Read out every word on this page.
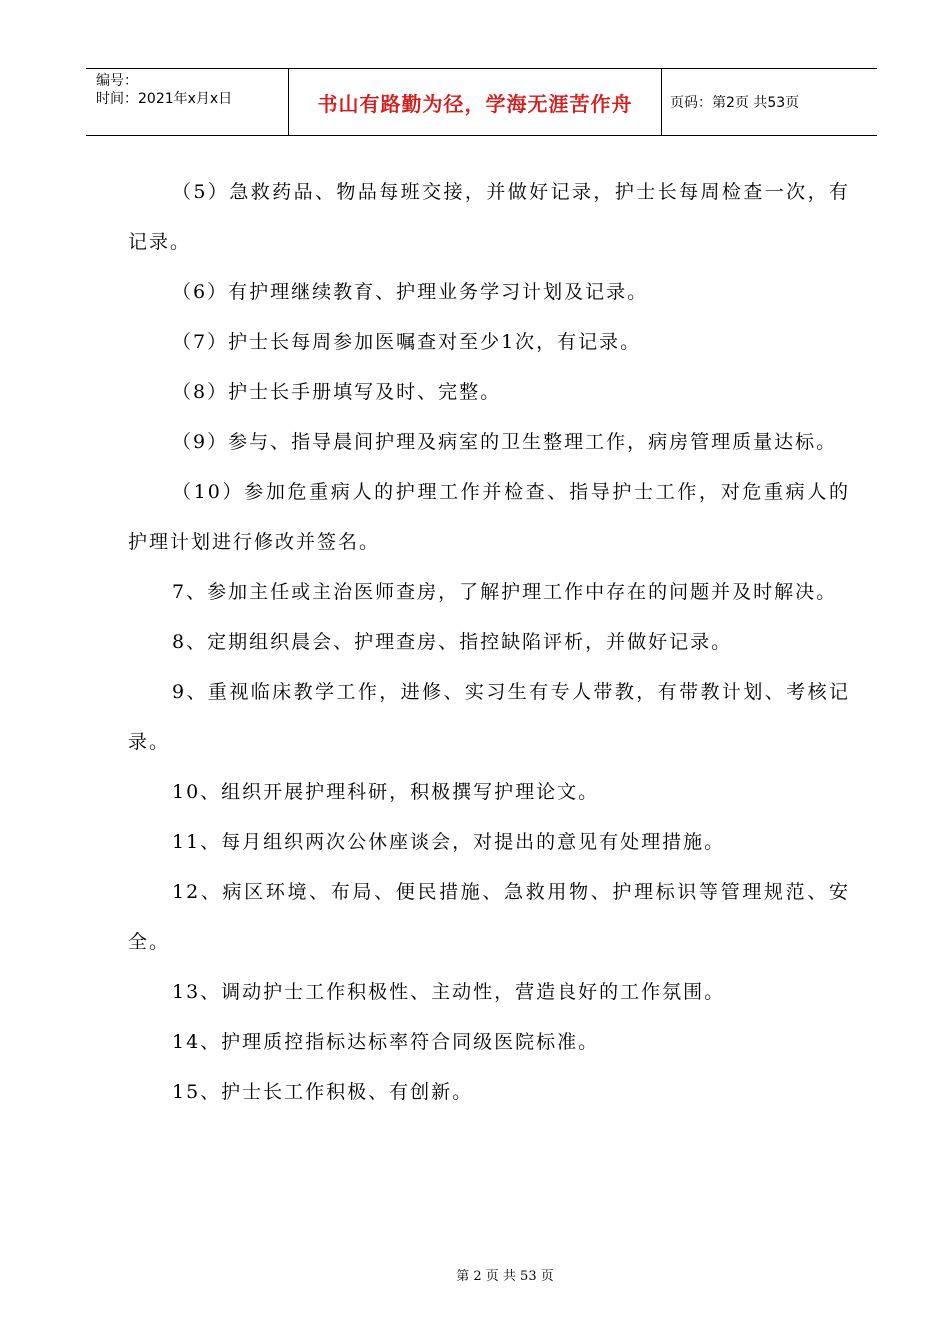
编号：
时间：2021年x月x日	书山有路勤为径，学海无涯苦作舟	页码：第2页 共53页

（5）急救药品、物品每班交接，并做好记录，护士长每周检查一次，有记录。

（6）有护理继续教育、护理业务学习计划及记录。

（7）护士长每周参加医嘱查对至少1次，有记录。

（8）护士长手册填写及时、完整。

（9）参与、指导晨间护理及病室的卫生整理工作，病房管理质量达标。

（10）参加危重病人的护理工作并检查、指导护士工作，对危重病人的护理计划进行修改并签名。

7、参加主任或主治医师查房，了解护理工作中存在的问题并及时解决。

8、定期组织晨会、护理查房、指控缺陷评析，并做好记录。

9、重视临床教学工作，进修、实习生有专人带教，有带教计划、考核记录。

10、组织开展护理科研，积极撰写护理论文。

11、每月组织两次公休座谈会，对提出的意见有处理措施。

12、病区环境、布局、便民措施、急救用物、护理标识等管理规范、安全。

13、调动护士工作积极性、主动性，营造良好的工作氛围。

14、护理质控指标达标率符合同级医院标准。

15、护士长工作积极、有创新。

第 2 页 共 53 页
